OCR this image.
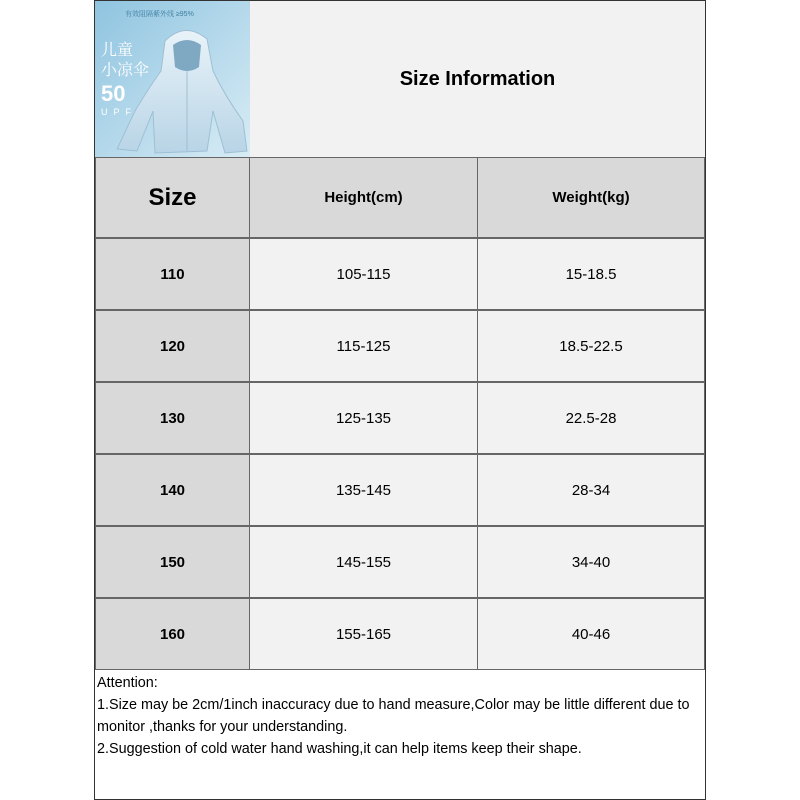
有效阻隔紫外线 ≥95%
儿童
小凉伞
50
UPF
Size Information
Size	Height(cm)	Weight(kg)
110	105-115	15-18.5
120	115-125	18.5-22.5
130	125-135	22.5-28
140	135-145	28-34
150	145-155	34-40
160	155-165	40-46

Attention:

1.Size may be 2cm/1inch inaccuracy due to hand measure,Color may be little different due to monitor ,thanks for your understanding.

2.Suggestion of cold water hand washing,it can help items keep their shape.
